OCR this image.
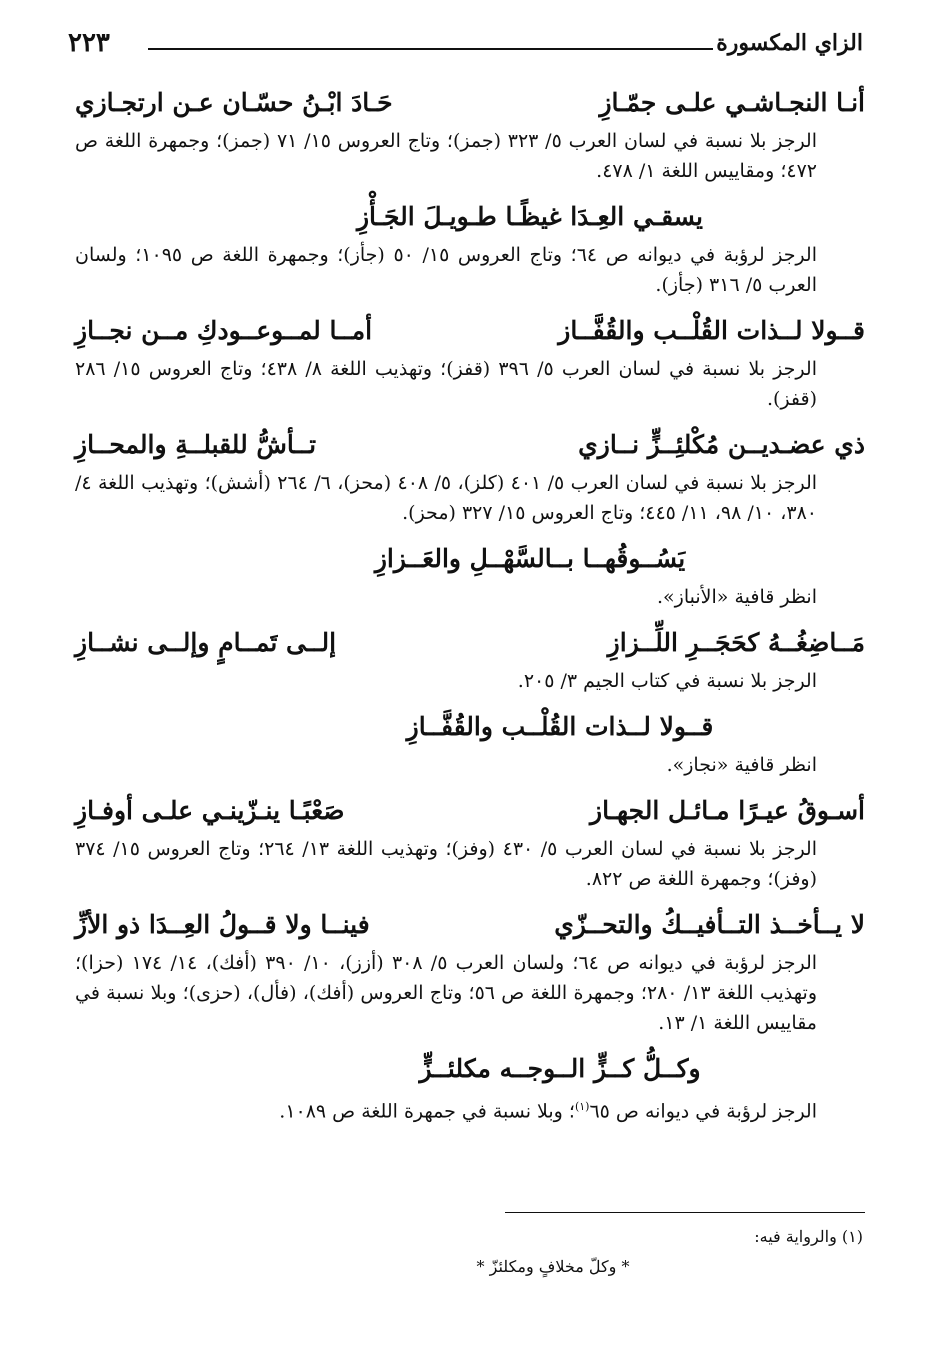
٢٢٣	الزاي المكسورة
أنـا النجـاشـي علـى جمّـازِ
حَـادَ ابْـنُ حسّـان عـن ارتجـازي

الرجز بلا نسبة في لسان العرب ٥/ ٣٢٣ (جمز)؛ وتاج العروس ١٥/ ٧١ (جمز)؛ وجمهرة اللغة ص ٤٧٢؛ ومقاييس اللغة ١/ ٤٧٨.

يسقـي العِـدَا غيظًـا طـويـلَ الجَـأْزِ

الرجز لرؤبة في ديوانه ص ٦٤؛ وتاج العروس ١٥/ ٥٠ (جأز)؛ وجمهرة اللغة ص ١٠٩٥؛ ولسان العرب ٥/ ٣١٦ (جأز).

قــولا لــذات القُلْــب والقُفَّــاز
أمــا لمــوعــودكِ مــن نجــازِ

الرجز بلا نسبة في لسان العرب ٥/ ٣٩٦ (قفز)؛ وتهذيب اللغة ٨/ ٤٣٨؛ وتاج العروس ١٥/ ٢٨٦ (قفز).

ذي عضـديــن مُكْلئِــزٍّ نــازي
تــأشُّ للقبلــةِ والمحــازِ

الرجز بلا نسبة في لسان العرب ٥/ ٤٠١ (كلز)، ٥/ ٤٠٨ (محز)، ٦/ ٢٦٤ (أشش)؛ وتهذيب اللغة ٤/ ٣٨٠، ١٠/ ٩٨، ١١/ ٤٤٥؛ وتاج العروس ١٥/ ٣٢٧ (محز).

يَسُــوقُهــا بــالسَّهْــلِ والعَــزازِ

انظر قافية «الأنباز».

مَــاضِغُــهُ كحَجَــرِ اللِّــزازِ
إلــى تَمــامٍ وإلــى نشــازِ

الرجز بلا نسبة في كتاب الجيم ٣/ ٢٠٥.

قــولا لــذات القُلْــب والقُفَّــازِ

انظر قافية «نجاز».

أسـوقُ عيـرًا مـائـل الجهـاز
صَعْبًـا ينـزّينـي علـى أوفـازِ

الرجز بلا نسبة في لسان العرب ٥/ ٤٣٠ (وفز)؛ وتهذيب اللغة ١٣/ ٢٦٤؛ وتاج العروس ١٥/ ٣٧٤ (وفز)؛ وجمهرة اللغة ص ٨٢٢.

لا يــأخــذ التــأفيــكُ والتحــزّي
فينــا ولا قــولُ العِــدَا ذو الأزِّ

الرجز لرؤبة في ديوانه ص ٦٤؛ ولسان العرب ٥/ ٣٠٨ (أزز)، ١٠/ ٣٩٠ (أفك)، ١٤/ ١٧٤ (حزا)؛ وتهذيب اللغة ١٣/ ٢٨٠؛ وجمهرة اللغة ص ٥٦؛ وتاج العروس (أفك)، (فأل)، (حزى)؛ وبلا نسبة في مقاييس اللغة ١/ ١٣.

وكــلُّ كــزٍّ الــوجــه مكلئــزٍّ

الرجز لرؤبة في ديوانه ص ٦٥$^{(١)}$؛ وبلا نسبة في جمهرة اللغة ص ١٠٨٩.

(١) والرواية فيه:
* وكلّ مخلافٍ ومكلئزّ *
